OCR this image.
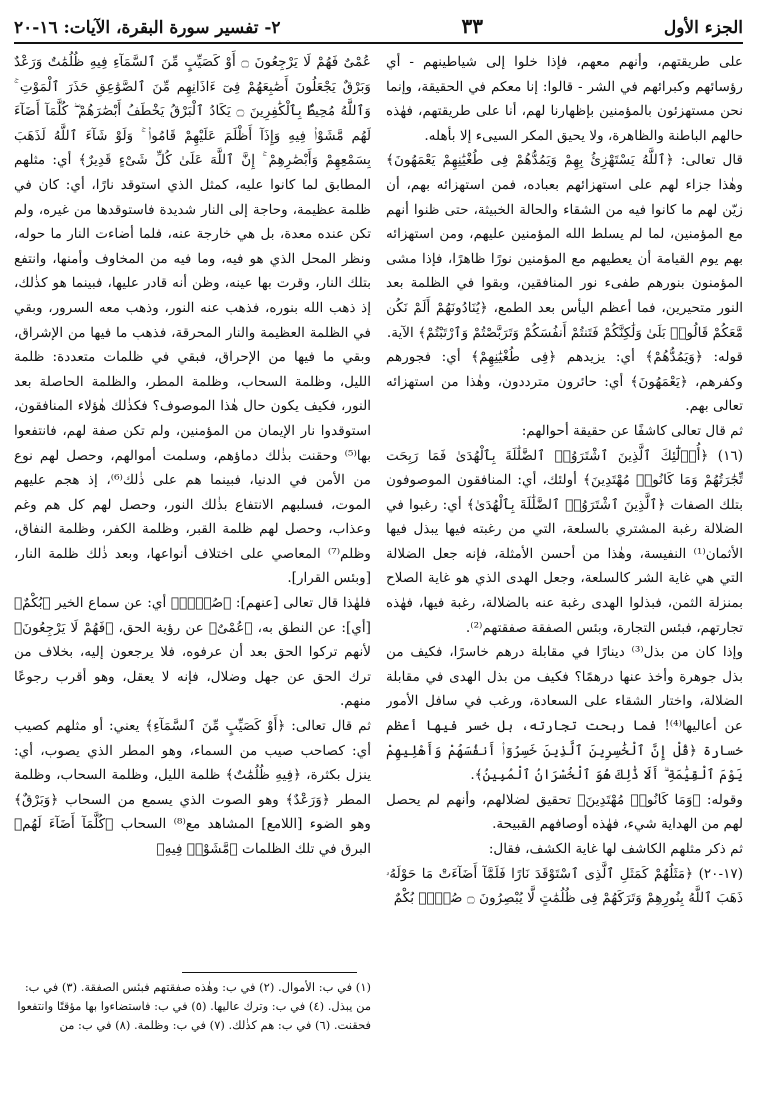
الجزء الأول
٣٣
٢- تفسير سورة البقرة، الآيات: ١٦-٢٠

على طريقتهم، وأنهم معهم، فإذا خلوا إلى شياطينهم - أي رؤسائهم وكبرائهم في الشر - قالوا: إنا معكم في الحقيقة، وإنما نحن مستهزئون بالمؤمنين بإظهارنا لهم، أنا على طريقتهم، فهٰذه حالهم الباطنة والظاهرة، ولا يحيق المكر السيىء إلا بأهله.

قال تعالى: ﴿ٱللَّهُ يَسْتَهْزِئُ بِهِمْ وَيَمُدُّهُمْ فِى طُغْيَٰنِهِمْ يَعْمَهُونَ﴾ وهٰذا جزاء لهم على استهزائهم بعباده، فمن استهزائه بهم، أن زيّن لهم ما كانوا فيه من الشقاء والحالة الخبيثة، حتى ظنوا أنهم مع المؤمنين، لما لم يسلط الله المؤمنين عليهم، ومن استهزائه بهم يوم القيامة أن يعطيهم مع المؤمنين نورًا ظاهرًا، فإذا مشى المؤمنون بنورهم طفىء نور المنافقين، وبقوا في الظلمة بعد النور متحيرين، فما أعظم اليأس بعد الطمع، ﴿يُنَادُونَهُمْ أَلَمْ نَكُن مَّعَكُمْ قَالُوا۟ بَلَىٰ وَلَٰكِنَّكُمْ فَتَنتُمْ أَنفُسَكُمْ وَتَرَبَّصْتُمْ وَٱرْتَبْتُمْ﴾ الآية.

قوله: ﴿وَيَمُدُّهُمْ﴾ أي: يزيدهم ﴿فِى طُغْيَٰنِهِمْ﴾ أي: فجورهم وكفرهم، ﴿يَعْمَهُونَ﴾ أي: حائرون مترددون، وهٰذا من استهزائه تعالى بهم.

ثم قال تعالى كاشفًا عن حقيقة أحوالهم:

(١٦) ﴿أُو۟لَٰٓئِكَ ٱلَّذِينَ ٱشْتَرَوُا۟ ٱلضَّلَٰلَةَ بِٱلْهُدَىٰ فَمَا رَبِحَت تِّجَٰرَتُهُمْ وَمَا كَانُوا۟ مُهْتَدِينَ﴾ أولئك، أي: المنافقون الموصوفون بتلك الصفات ﴿ٱلَّذِينَ ٱشْتَرَوُا۟ ٱلضَّلَٰلَةَ بِٱلْهُدَىٰ﴾ أي: رغبوا في الضلالة رغبة المشتري بالسلعة، التي من رغبته فيها يبذل فيها الأثمان⁽¹⁾ النفيسة، وهٰذا من أحسن الأمثلة، فإنه جعل الضلالة التي هي غاية الشر كالسلعة، وجعل الهدى الذي هو غاية الصلاح بمنزلة الثمن، فبذلوا الهدى رغبة عنه بالضلالة، رغبة فيها، فهٰذه تجارتهم، فبئس التجارة، وبئس الصفقة صفقتهم⁽²⁾.

وإذا كان من بذل⁽³⁾ دينارًا في مقابلة درهم خاسرًا، فكيف من بذل جوهرة وأخذ عنها درهمًا؟ فكيف من بذل الهدى في مقابلة الضلالة، واختار الشقاء على السعادة، ورغب في سافل الأمور عن أعاليها⁽⁴⁾! فما ربحت تجارته، بل خسر فيها أعظم خسارة ﴿قُلْ إِنَّ ٱلْخَٰسِرِينَ ٱلَّذِينَ خَسِرُوٓا۟ أَنفُسَهُمْ وَأَهْلِيهِمْ يَوْمَ ٱلْقِيَٰمَةِ ۗ أَلَا ذَٰلِكَ هُوَ ٱلْخُسْرَانُ ٱلْمُبِينُ﴾.

وقوله: ﴿وَمَا كَانُوا۟ مُهْتَدِينَ﴾ تحقيق لضلالهم، وأنهم لم يحصل لهم من الهداية شيء، فهٰذه أوصافهم القبيحة.

ثم ذكر مثلهم الكاشف لها غاية الكشف، فقال:

(١٧-٢٠) ﴿مَثَلُهُمْ كَمَثَلِ ٱلَّذِى ٱسْتَوْقَدَ نَارًا فَلَمَّآ أَضَآءَتْ مَا حَوْلَهُۥ ذَهَبَ ٱللَّهُ بِنُورِهِمْ وَتَرَكَهُمْ فِى ظُلُمَٰتٍ لَّا يُبْصِرُونَ ۝ صُمٌّۢ بُكْمٌ

عُمْىٌ فَهُمْ لَا يَرْجِعُونَ ۝ أَوْ كَصَيِّبٍ مِّنَ ٱلسَّمَآءِ فِيهِ ظُلُمَٰتٌ وَرَعْدٌ وَبَرْقٌ يَجْعَلُونَ أَصَٰبِعَهُمْ فِىٓ ءَاذَانِهِم مِّنَ ٱلصَّوَٰعِقِ حَذَرَ ٱلْمَوْتِ ۚ وَٱللَّهُ مُحِيطٌۢ بِٱلْكَٰفِرِينَ ۝ يَكَادُ ٱلْبَرْقُ يَخْطَفُ أَبْصَٰرَهُمْ ۖ كُلَّمَآ أَضَآءَ لَهُم مَّشَوْا۟ فِيهِ وَإِذَآ أَظْلَمَ عَلَيْهِمْ قَامُوا۟ ۚ وَلَوْ شَآءَ ٱللَّهُ لَذَهَبَ بِسَمْعِهِمْ وَأَبْصَٰرِهِمْ ۚ إِنَّ ٱللَّهَ عَلَىٰ كُلِّ شَىْءٍ قَدِيرٌ﴾ أي: مثلهم المطابق لما كانوا عليه، كمثل الذي استوقد نارًا، أي: كان في ظلمة عظيمة، وحاجة إلى النار شديدة فاستوقدها من غيره، ولم تكن عنده معدة، بل هي خارجة عنه، فلما أضاءت النار ما حوله، ونظر المحل الذي هو فيه، وما فيه من المخاوف وأمنها، وانتفع بتلك النار، وقرت بها عينه، وظن أنه قادر عليها، فبينما هو كذٰلك، إذ ذهب الله بنوره، فذهب عنه النور، وذهب معه السرور، وبقي في الظلمة العظيمة والنار المحرقة، فذهب ما فيها من الإشراق، وبقي ما فيها من الإحراق، فبقي في ظلمات متعددة: ظلمة الليل، وظلمة السحاب، وظلمة المطر، والظلمة الحاصلة بعد النور، فكيف يكون حال هٰذا الموصوف؟ فكذٰلك هٰؤلاء المنافقون، استوقدوا نار الإيمان من المؤمنين، ولم تكن صفة لهم، فانتفعوا بها⁽⁵⁾ وحقنت بذٰلك دماؤهم، وسلمت أموالهم، وحصل لهم نوع من الأمن في الدنيا، فبينما هم على ذٰلك⁽⁶⁾، إذ هجم عليهم الموت، فسلبهم الانتفاع بذٰلك النور، وحصل لهم كل هم وغم وعذاب، وحصل لهم ظلمة القبر، وظلمة الكفر، وظلمة النفاق، وظلم⁽⁷⁾ المعاصي على اختلاف أنواعها، وبعد ذٰلك ظلمة النار، [وبئس القرار].

فلهٰذا قال تعالى [عنهم]: ﴿صُمٌّۢ﴾ أي: عن سماع الخير ﴿بُكْمٌ﴾ [أي]: عن النطق به، ﴿عُمْىٌ﴾ عن رؤية الحق، ﴿فَهُمْ لَا يَرْجِعُونَ﴾ لأنهم تركوا الحق بعد أن عرفوه، فلا يرجعون إليه، بخلاف من ترك الحق عن جهل وضلال، فإنه لا يعقل، وهو أقرب رجوعًا منهم.

ثم قال تعالى: ﴿أَوْ كَصَيِّبٍ مِّنَ ٱلسَّمَآءِ﴾ يعني: أو مثلهم كصيب أي: كصاحب صيب من السماء، وهو المطر الذي يصوب، أي: ينزل بكثرة، ﴿فِيهِ ظُلُمَٰتٌ﴾ ظلمة الليل، وظلمة السحاب، وظلمة المطر ﴿وَرَعْدٌ﴾ وهو الصوت الذي يسمع من السحاب ﴿وَبَرْقٌ﴾ وهو الضوء [اللامع] المشاهد مع⁽⁸⁾ السحاب ﴿كُلَّمَآ أَضَآءَ لَهُم﴾ البرق في تلك الظلمات ﴿مَّشَوْا۟ فِيهِ﴾

(١) في ب: الأموال. (٢) في ب: وهٰذه صفقتهم فبئس الصفقة. (٣) في ب: من يبذل. (٤) في ب: وترك عاليها. (٥) في ب: فاستضاءوا بها مؤقتًا وانتفعوا فحقنت. (٦) في ب: هم كذٰلك. (٧) في ب: وظلمة. (٨) في ب: من
